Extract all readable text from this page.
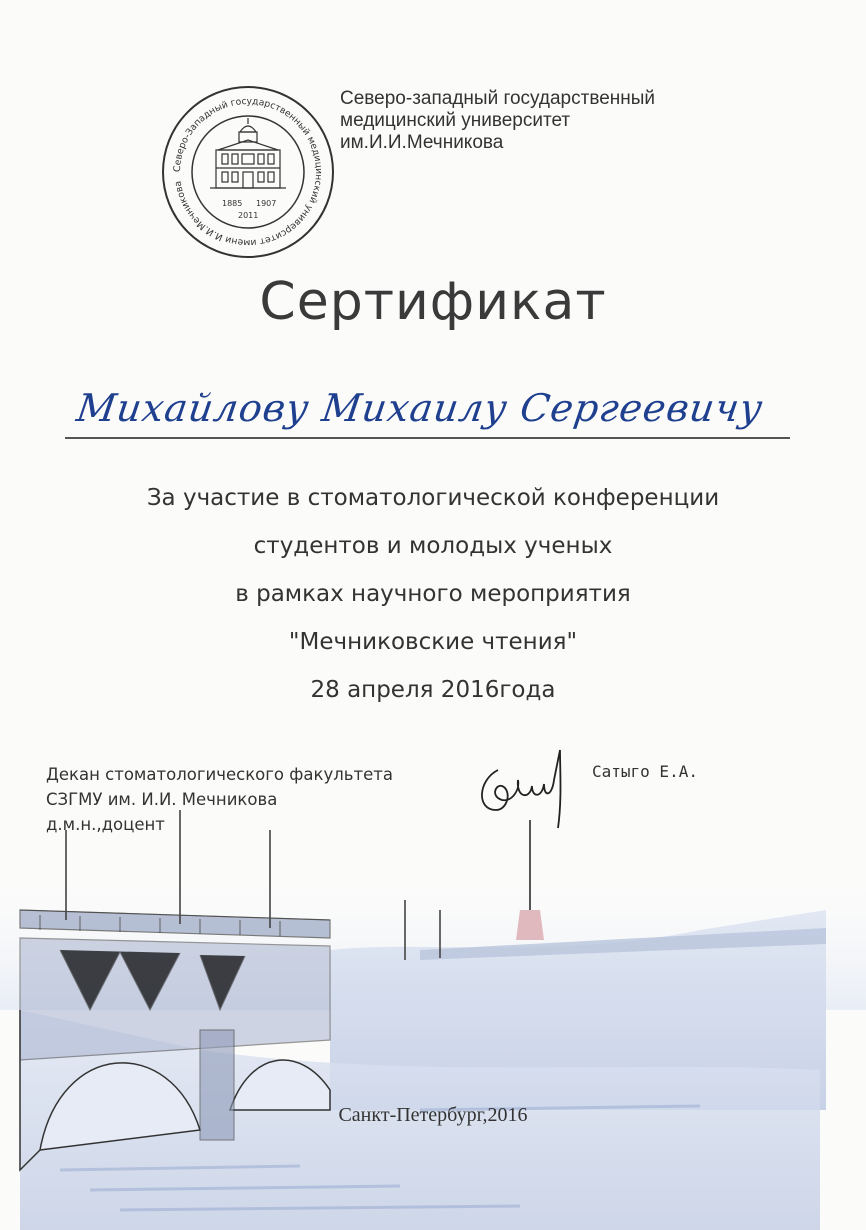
Северо-Западный государственный медицинский университет имени И.И.Мечникова
1885 1907
2011
Северо-западный государственный
медицинский университет
им.И.И.Мечникова
Сертификат
Михайлову Михаилу Сергеевичу
За участие в стоматологической конференции
студентов и молодых ученых
в рамках научного мероприятия
"Мечниковские чтения"
28 апреля 2016года
Декан стоматологического факультета
СЗГМУ им. И.И. Мечникова
д.м.н.,доцент
Сатыго Е.А.
Санкт-Петербург,2016
